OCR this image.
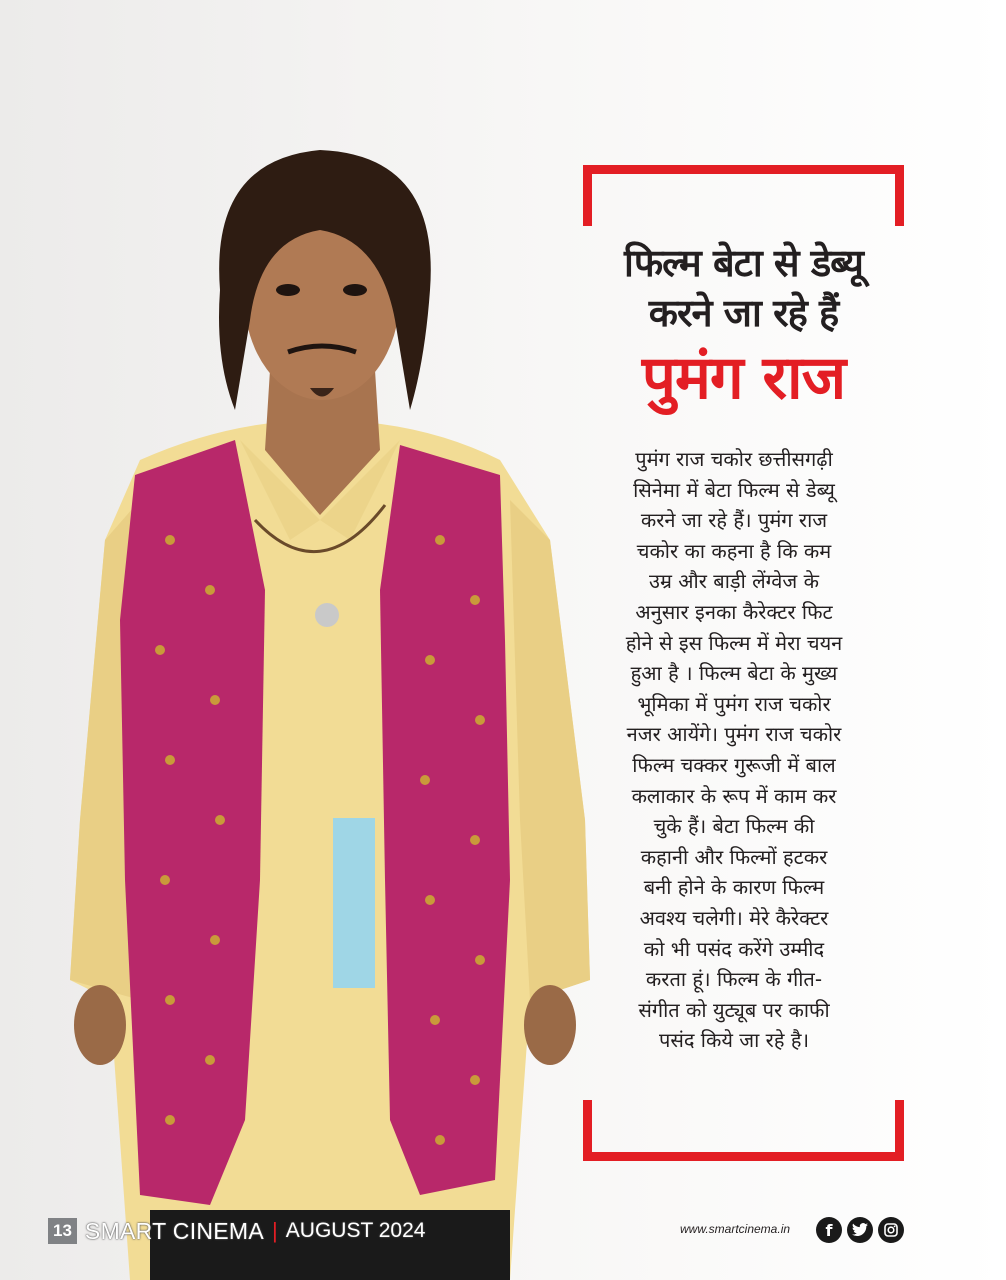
फिल्म बेटा से डेब्यू
करने जा रहे हैं
पुमंग राज

पुमंग राज चकोर छत्तीसगढ़ी
सिनेमा में बेटा फिल्म से डेब्यू
करने जा रहे हैं। पुमंग राज
चकोर का कहना है कि कम
उम्र और बाड़ी लेंग्वेज के
अनुसार इनका कैरेक्टर फिट
होने से इस फिल्म में मेरा चयन
हुआ है । फिल्म बेटा के मुख्य
भूमिका में पुमंग राज चकोर
नजर आयेंगे। पुमंग राज चकोर
फिल्म चक्कर गुरूजी में बाल
कलाकार के रूप में काम कर
चुके हैं। बेटा फिल्म की
कहानी और फिल्मों हटकर
बनी होने के कारण फिल्म
अवश्य चलेगी। मेरे कैरेक्टर
को भी पसंद करेंगे उम्मीद
करता हूं। फिल्म के गीत-
संगीत को युट्यूब पर काफी
पसंद किये जा रहे है।

13 SMART CINEMA | AUGUST 2024	www.smartcinema.in	f
